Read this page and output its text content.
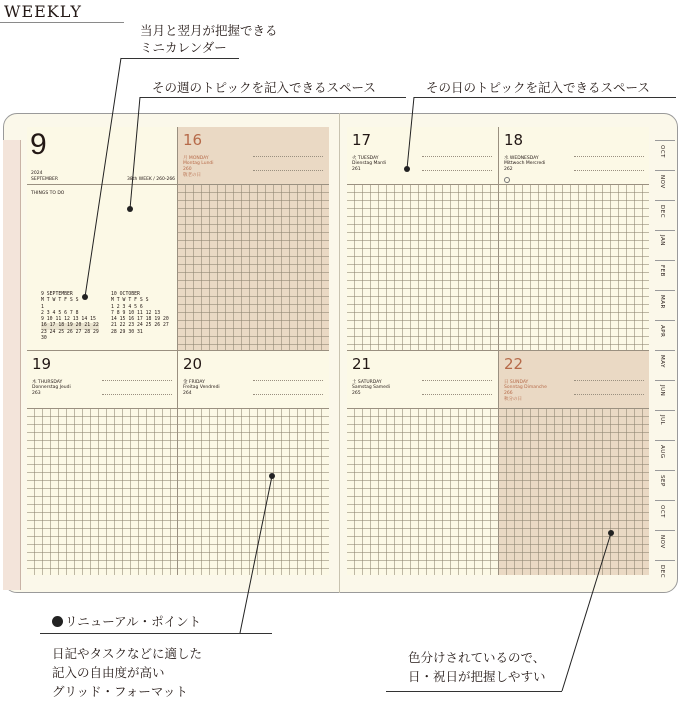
WEEKLY
当月と翌月が把握できる
ミニカレンダー
その週のトピックを記入できるスペース	その日のトピックを記入できるスペース
リニューアル・ポイント
日記やタスクなどに適した
記入の自由度が高い
グリッド・フォーマット
色分けされているので、
日・祝日が把握しやすい
9
2024
SEPTEMBER	38th WEEK / 260-266
THINGS TO DO
9 SEPTEMBER
M T W T F S S
1
2 3 4 5 6 7 8
9 10 11 12 13 14 15
16 17 18 19 20 21 22
23 24 25 26 27 28 29
30
10 OCTOBER
M T W T F S S
1 2 3 4 5 6
7 8 9 10 11 12 13
14 15 16 17 18 19 20
21 22 23 24 25 26 27
28 29 30 31
16
月 MONDAY
Montag Lundi
260
敬老の日
19
木 THURSDAY
Donnerstag Jeudi
263
20
金 FRIDAY
Freitag Vendredi
264
17
火 TUESDAY
Dienstag Mardi
261
18
水 WEDNESDAY
Mittwoch Mercredi
262
21
土 SATURDAY
Samstag Samedi
265
22
日 SUNDAY
Sonntag Dimanche
266
秋分の日
OCT
NOV
DEC
JAN
FEB
MAR
APR
MAY
JUN
JUL
AUG
SEP
OCT
NOV
DEC
